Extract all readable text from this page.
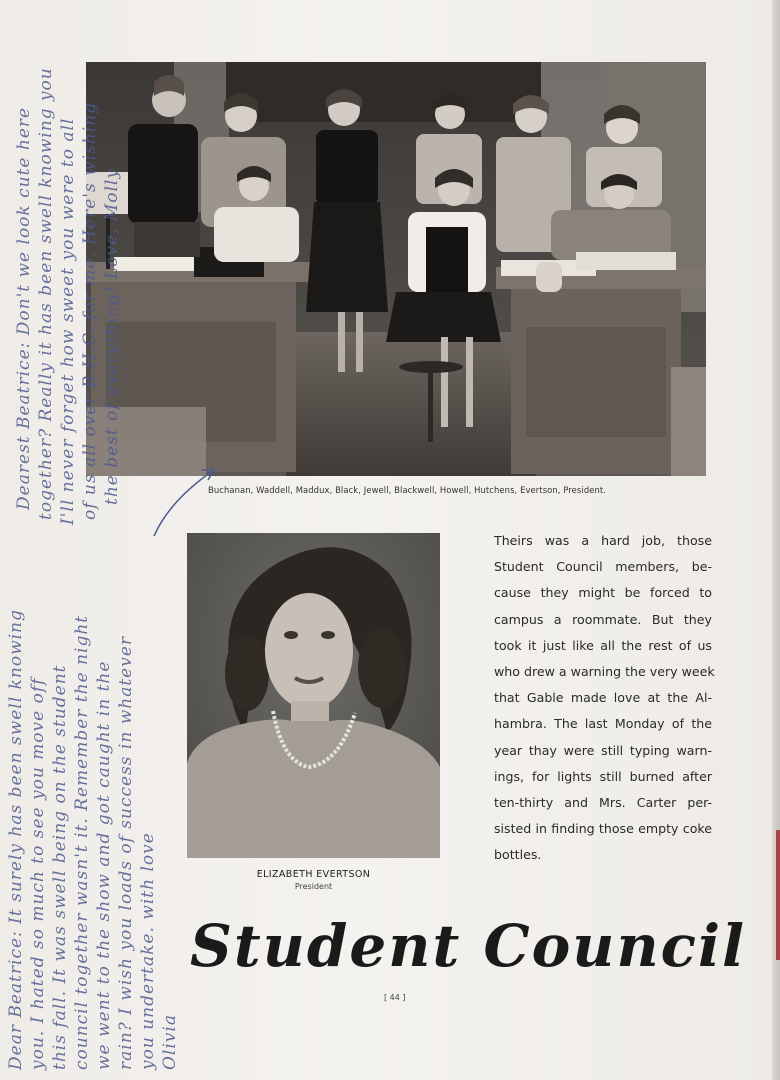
Buchanan, Waddell, Maddux, Black, Jewell, Blackwell, Howell, Hutchens, Evertson, President.
ELIZABETH EVERTSON
President
Theirs was a hard job, those
Student Council members, be-
cause they might be forced to
campus a roommate. But they
took it just like all the rest of us
who drew a warning the very week
that Gable made love at the Al-
hambra. The last Monday of the
year thay were still typing warn-
ings, for lights still burned after
ten-thirty and Mrs. Carter per-
sisted in finding those empty coke
bottles.
Student Council
[ 44 ]
Dearest Beatrice: Don't we look cute here together? Really it has been swell knowing you I'll never forget how sweet you were to all of us all over B.H.C. for me. Here's wishing the best of everything! Love, Molly
Dear Beatrice: It surely has been swell knowing you. I hated so much to see you move off this fall. It was swell being on the student council together wasn't it. Remember the night we went to the show and got caught in the rain? I wish you loads of success in whatever you undertake. with love Olivia
